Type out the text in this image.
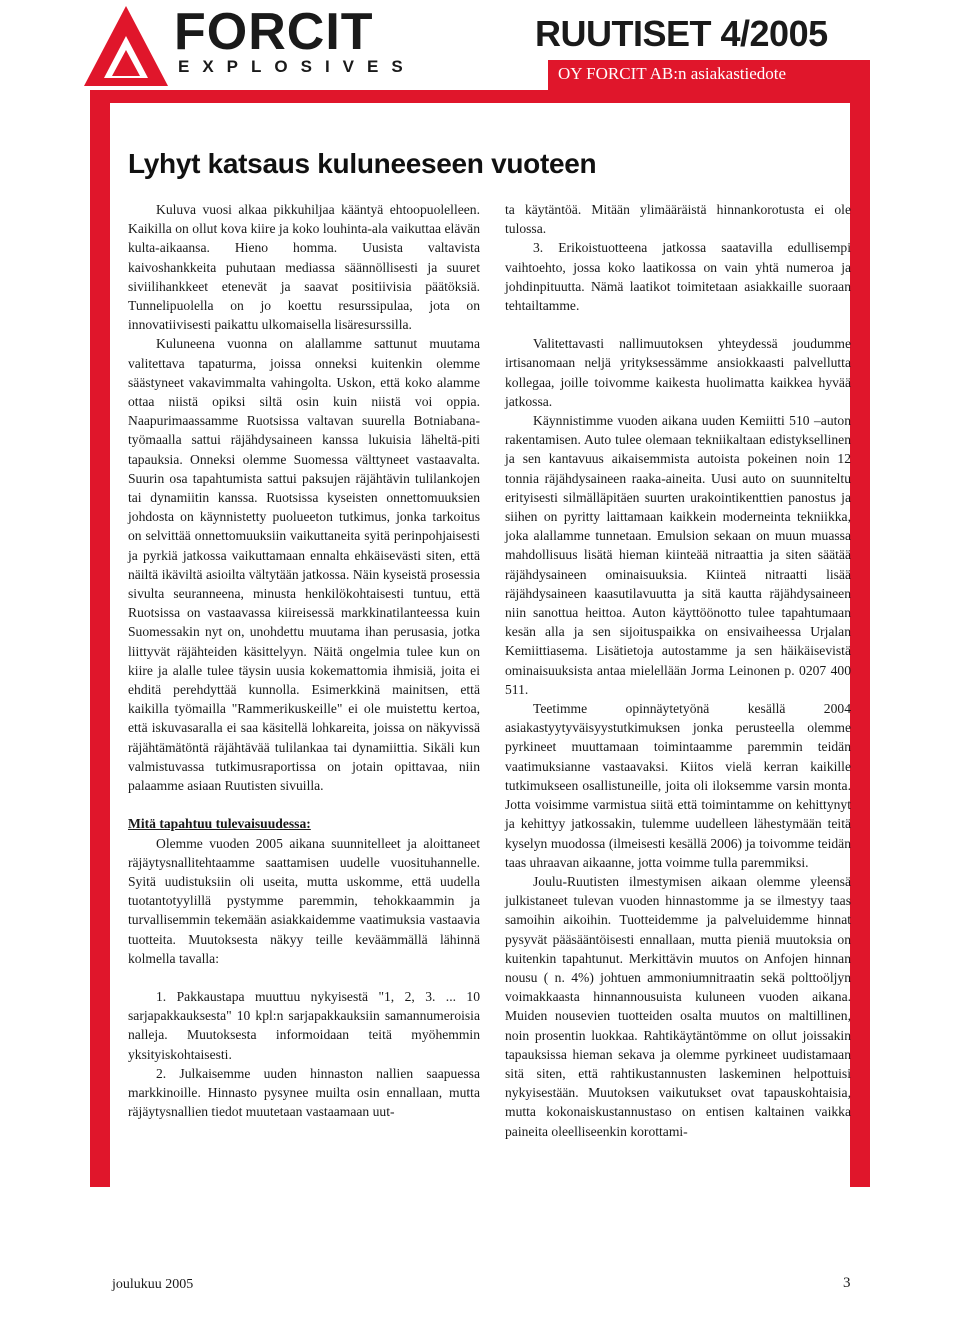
FORCIT
EXPLOSIVES
RUUTISET 4/2005
OY FORCIT AB:n asiakastiedote
Lyhyt katsaus kuluneeseen vuoteen

Kuluva vuosi alkaa pikkuhiljaa kääntyä ehtoopuolelleen. Kaikilla on ollut kova kiire ja koko louhinta-ala vaikuttaa elävän kulta-aikaansa. Hieno homma. Uusista valtavista kaivoshankkeita puhutaan mediassa säännöllisesti ja suuret siviilihankkeet etenevät ja saavat positiivisia päätöksiä. Tunnelipuolella on jo koettu resurssipulaa, jota on innovatiivisesti paikattu ulkomaisella lisäresurssilla.

Kuluneena vuonna on alallamme sattunut muutama valitettava tapaturma, joissa onneksi kuitenkin olemme säästyneet vakavimmalta vahingolta. Uskon, että koko alamme ottaa niistä opiksi siltä osin kuin niistä voi oppia. Naapurimaassamme Ruotsissa valtavan suurella Botniabana-työmaalla sattui räjähdysaineen kanssa lukuisia läheltä-piti tapauksia. Onneksi olemme Suomessa välttyneet vastaavalta. Suurin osa tapahtumista sattui paksujen räjähtävin tulilankojen tai dynamiitin kanssa. Ruotsissa kyseisten onnettomuuksien johdosta on käynnistetty puolueeton tutkimus, jonka tarkoitus on selvittää onnettomuuksiin vaikuttaneita syitä perinpohjaisesti ja pyrkiä jatkossa vaikuttamaan ennalta ehkäisevästi siten, että näiltä ikäviltä asioilta vältytään jatkossa. Näin kyseistä prosessia sivulta seuranneena, minusta henkilökohtaisesti tuntuu, että Ruotsissa on vastaavassa kiireisessä markkinatilanteessa kuin Suomessakin nyt on, unohdettu muutama ihan perusasia, jotka liittyvät räjähteiden käsittelyyn. Näitä ongelmia tulee kun on kiire ja alalle tulee täysin uusia kokemattomia ihmisiä, joita ei ehditä perehdyttää kunnolla. Esimerkkinä mainitsen, että kaikilla työmailla "Rammerikuskeille" ei ole muistettu kertoa, että iskuvasaralla ei saa käsitellä lohkareita, joissa on näkyvissä räjähtämätöntä räjähtävää tulilankaa tai dynamiittia. Sikäli kun valmistuvassa tutkimusraportissa on jotain opittavaa, niin palaamme asiaan Ruutisten sivuilla.

Mitä tapahtuu tulevaisuudessa:

Olemme vuoden 2005 aikana suunnitelleet ja aloittaneet räjäytysnallitehtaamme saattamisen uudelle vuosituhannelle. Syitä uudistuksiin oli useita, mutta uskomme, että uudella tuotantotyylillä pystymme paremmin, tehokkaammin ja turvallisemmin tekemään asiakkaidemme vaatimuksia vastaavia tuotteita. Muutoksesta näkyy teille keväämmällä lähinnä kolmella tavalla:

1. Pakkaustapa muuttuu nykyisestä "1, 2, 3. ... 10 sarjapakkauksesta" 10 kpl:n sarjapakkauksiin samannumeroisia nalleja. Muutoksesta informoidaan teitä myöhemmin yksityiskohtaisesti.

2. Julkaisemme uuden hinnaston nallien saapuessa markkinoille. Hinnasto pysynee muilta osin ennallaan, mutta räjäytysnallien tiedot muutetaan vastaamaan uut-

ta käytäntöä. Mitään ylimääräistä hinnankorotusta ei ole tulossa.

3. Erikoistuotteena jatkossa saatavilla edullisempi vaihtoehto, jossa koko laatikossa on vain yhtä numeroa ja johdinpituutta. Nämä laatikot toimitetaan asiakkaille suoraan tehtailtamme.

Valitettavasti nallimuutoksen yhteydessä joudumme irtisanomaan neljä yrityksessämme ansiokkaasti palvellutta kollegaa, joille toivomme kaikesta huolimatta kaikkea hyvää jatkossa.

Käynnistimme vuoden aikana uuden Kemiitti 510 –auton rakentamisen. Auto tulee olemaan tekniikaltaan edistyksellinen ja sen kantavuus aikaisemmista autoista pokeinen noin 12 tonnia räjähdysaineen raaka-aineita. Uusi auto on suunniteltu erityisesti silmälläpitäen suurten urakointikenttien panostus ja siihen on pyritty laittamaan kaikkein moderneinta tekniikka, joka alallamme tunnetaan. Emulsion sekaan on muun muassa mahdollisuus lisätä hieman kiinteää nitraattia ja siten säätää räjähdysaineen ominaisuuksia. Kiinteä nitraatti lisää räjähdysaineen kaasutilavuutta ja sitä kautta räjähdysaineen niin sanottua heittoa. Auton käyttöönotto tulee tapahtumaan kesän alla ja sen sijoituspaikka on ensivaiheessa Urjalan Kemiittiasema. Lisätietoja autostamme ja sen häikäisevistä ominaisuuksista antaa mielellään Jorma Leinonen p. 0207 400 511.

Teetimme opinnäytetyönä kesällä 2004 asiakastyytyväisyystutkimuksen jonka perusteella olemme pyrkineet muuttamaan toimintaamme paremmin teidän vaatimuksianne vastaavaksi. Kiitos vielä kerran kaikille tutkimukseen osallistuneille, joita oli iloksemme varsin monta. Jotta voisimme varmistua siitä että toimintamme on kehittynyt ja kehittyy jatkossakin, tulemme uudelleen lähestymään teitä kyselyn muodossa (ilmeisesti kesällä 2006) ja toivomme teidän taas uhraavan aikaanne, jotta voimme tulla paremmiksi.

Joulu-Ruutisten ilmestymisen aikaan olemme yleensä julkistaneet tulevan vuoden hinnastomme ja se ilmestyy taas samoihin aikoihin. Tuotteidemme ja palveluidemme hinnat pysyvät pääsääntöisesti ennallaan, mutta pieniä muutoksia on kuitenkin tapahtunut. Merkittävin muutos on Anfojen hinnan nousu ( n. 4%) johtuen ammoniumnitraatin sekä polttoöljyn voimakkaasta hinnannousuista kuluneen vuoden aikana. Muiden nousevien tuotteiden osalta muutos on maltillinen, noin prosentin luokkaa. Rahtikäytäntömme on ollut joissakin tapauksissa hieman sekava ja olemme pyrkineet uudistamaan sitä siten, että rahtikustannusten laskeminen helpottuisi nykyisestään. Muutoksen vaikutukset ovat tapauskohtaisia, mutta kokonaiskustannustaso on entisen kaltainen vaikka paineita oleelliseenkin korottami-

joulukuu 2005	3
